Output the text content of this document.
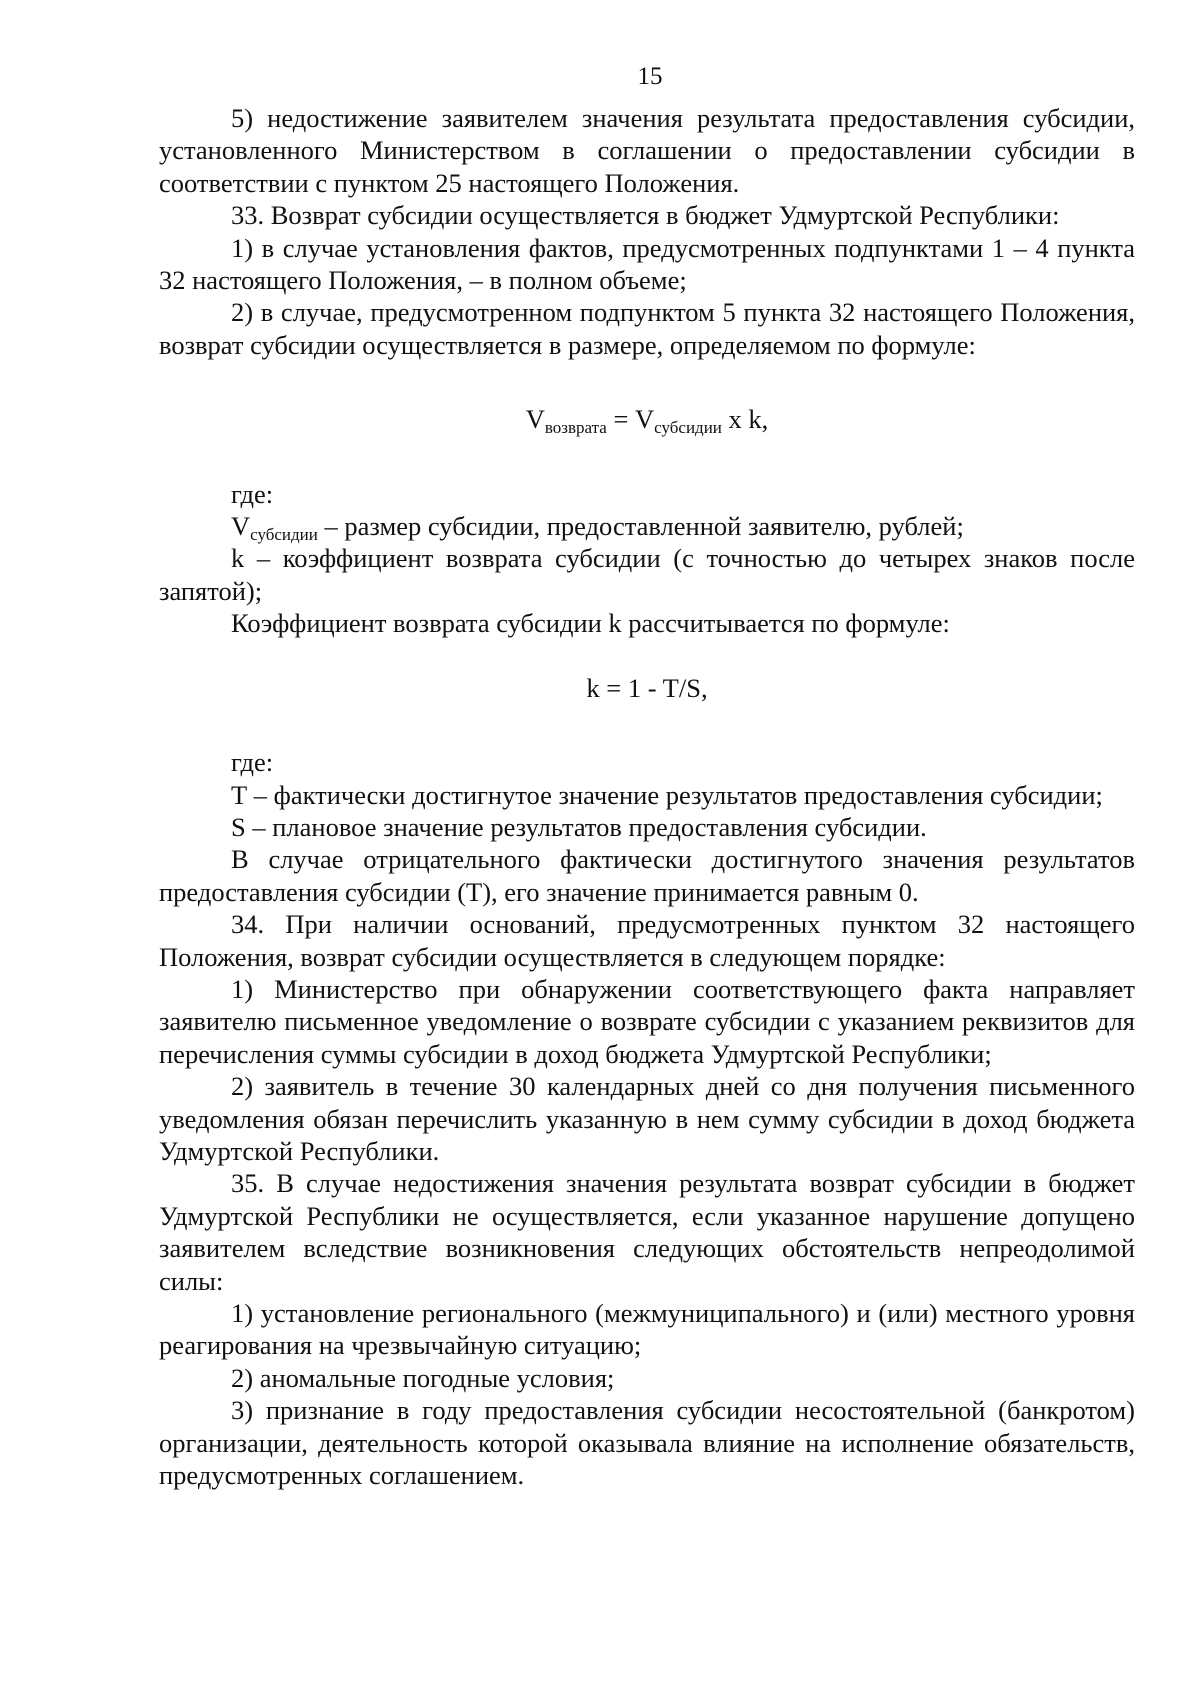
15

5) недостижение заявителем значения результата предоставления субсидии, установленного Министерством в соглашении о предоставлении субсидии в соответствии с пунктом 25 настоящего Положения.

33. Возврат субсидии осуществляется в бюджет Удмуртской Республики:

1) в случае установления фактов, предусмотренных подпунктами 1 – 4 пункта 32 настоящего Положения, – в полном объеме;

2) в случае, предусмотренном подпунктом 5 пункта 32 настоящего Положения, возврат субсидии осуществляется в размере, определяемом по формуле:

$V_{возврата} = V_{субсидии}$ x k,

где:

Vсубсидии – размер субсидии, предоставленной заявителю, рублей;

k – коэффициент возврата субсидии (с точностью до четырех знаков после запятой);

Коэффициент возврата субсидии k рассчитывается по формуле:

k = 1 - T/S,

где:

Т – фактически достигнутое значение результатов предоставления субсидии;

S – плановое значение результатов предоставления субсидии.

В случае отрицательного фактически достигнутого значения результатов предоставления субсидии (Т), его значение принимается равным 0.

34. При наличии оснований, предусмотренных пунктом 32 настоящего Положения, возврат субсидии осуществляется в следующем порядке:

1) Министерство при обнаружении соответствующего факта направляет заявителю письменное уведомление о возврате субсидии с указанием реквизитов для перечисления суммы субсидии в доход бюджета Удмуртской Республики;

2) заявитель в течение 30 календарных дней со дня получения письменного уведомления обязан перечислить указанную в нем сумму субсидии в доход бюджета Удмуртской Республики.

35. В случае недостижения значения результата возврат субсидии в бюджет Удмуртской Республики не осуществляется, если указанное нарушение допущено заявителем вследствие возникновения следующих обстоятельств непреодолимой силы:

1) установление регионального (межмуниципального) и (или) местного уровня реагирования на чрезвычайную ситуацию;

2) аномальные погодные условия;

3) признание в году предоставления субсидии несостоятельной (банкротом) организации, деятельность которой оказывала влияние на исполнение обязательств, предусмотренных соглашением.
